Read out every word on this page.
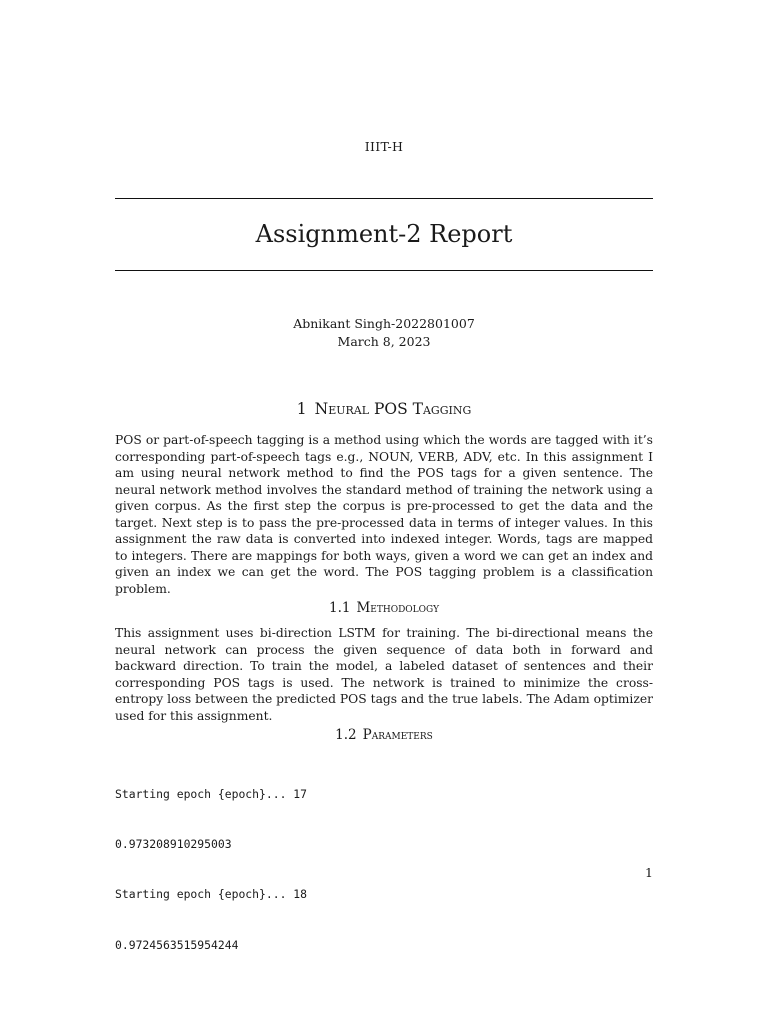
IIIT-H
Assignment-2 Report
Abnikant Singh-2022801007
March 8, 2023
1 Neural POS Tagging
POS or part-of-speech tagging is a method using which the words are tagged with it’s corresponding part-of-speech tags e.g., NOUN, VERB, ADV, etc. In this assignment I am using neural network method to find the POS tags for a given sentence. The neural network method involves the standard method of training the network using a given corpus. As the first step the corpus is pre-processed to get the data and the target. Next step is to pass the pre-processed data in terms of integer values. In this assignment the raw data is converted into indexed integer. Words, tags are mapped to integers. There are mappings for both ways, given a word we can get an index and given an index we can get the word. The POS tagging problem is a classification problem.
1.1 Methodology
This assignment uses bi-direction LSTM for training. The bi-directional means the neural network can process the given sequence of data both in forward and backward direction. To train the model, a labeled dataset of sentences and their corresponding POS tags is used. The network is trained to minimize the cross-entropy loss between the predicted POS tags and the true labels. The Adam optimizer used for this assignment.
1.2 Parameters

Starting epoch {epoch}... 17

0.973208910295003

Starting epoch {epoch}... 18

0.9724563515954244

1
